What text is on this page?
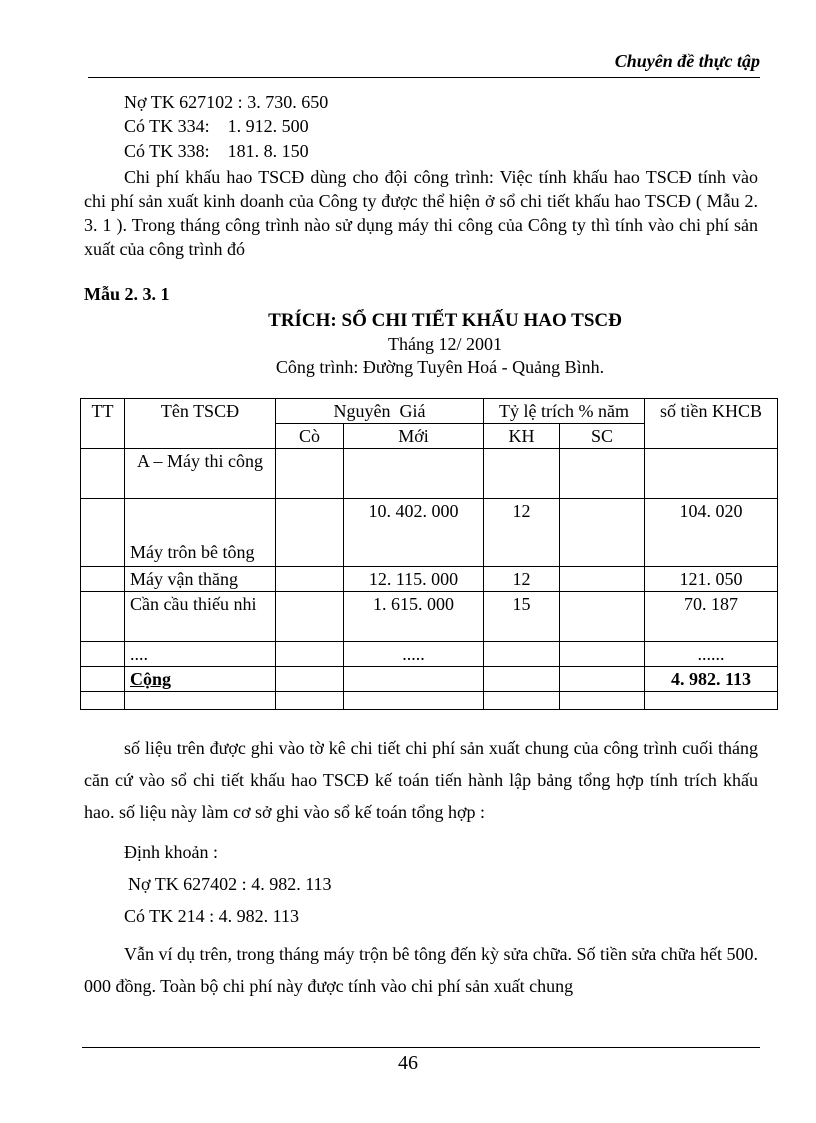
Chuyên đề thực tập
Nợ TK 627102 : 3. 730. 650
Có TK 334:    1. 912. 500
Có TK 338:    181. 8. 150
Chi phí khấu hao TSCĐ dùng cho đội công trình: Việc tính khấu hao TSCĐ tính vào chi phí sản xuất kinh doanh của Công ty được thể hiện ở sổ chi tiết khấu hao TSCĐ ( Mẫu 2. 3. 1 ). Trong tháng công trình nào sử dụng máy thi công của Công ty thì tính vào chi phí sản xuất của công trình đó
Mẫu 2. 3. 1
TRÍCH: SỔ CHI TIẾT KHẤU HAO TSCĐ
Tháng 12/ 2001
Công trình: Đường Tuyên Hoá - Quảng Bình.
TT	Tên TSCĐ	Nguyên  Giá		Tỷ lệ trích % năm		số tiền KHCB
		Cò	Mới	KH	SC	
	A – Máy thi công					
	Máy trôn bê tông		10. 402. 000	12		104. 020
	Máy vận thăng		12. 115. 000	12		121. 050
	Cần cầu thiếu nhi		1. 615. 000	15		70. 187
	....		.....			......
	Cộng					4. 982. 113

số liệu trên được ghi vào tờ kê chi tiết chi phí sản xuất chung của công trình cuối tháng căn cứ vào sổ chi tiết khấu hao TSCĐ kế toán tiến hành lập bảng tổng hợp tính trích khấu hao. số liệu này làm cơ sở ghi vào sổ kế toán tổng hợp :
Định khoản :
Nợ TK 627402 : 4. 982. 113
Có TK 214 : 4. 982. 113
Vẫn ví dụ trên, trong tháng máy trộn bê tông đến kỳ sửa chữa. Số tiền sửa chữa hết 500. 000 đồng. Toàn bộ chi phí này được tính vào chi phí sản xuất chung
46
